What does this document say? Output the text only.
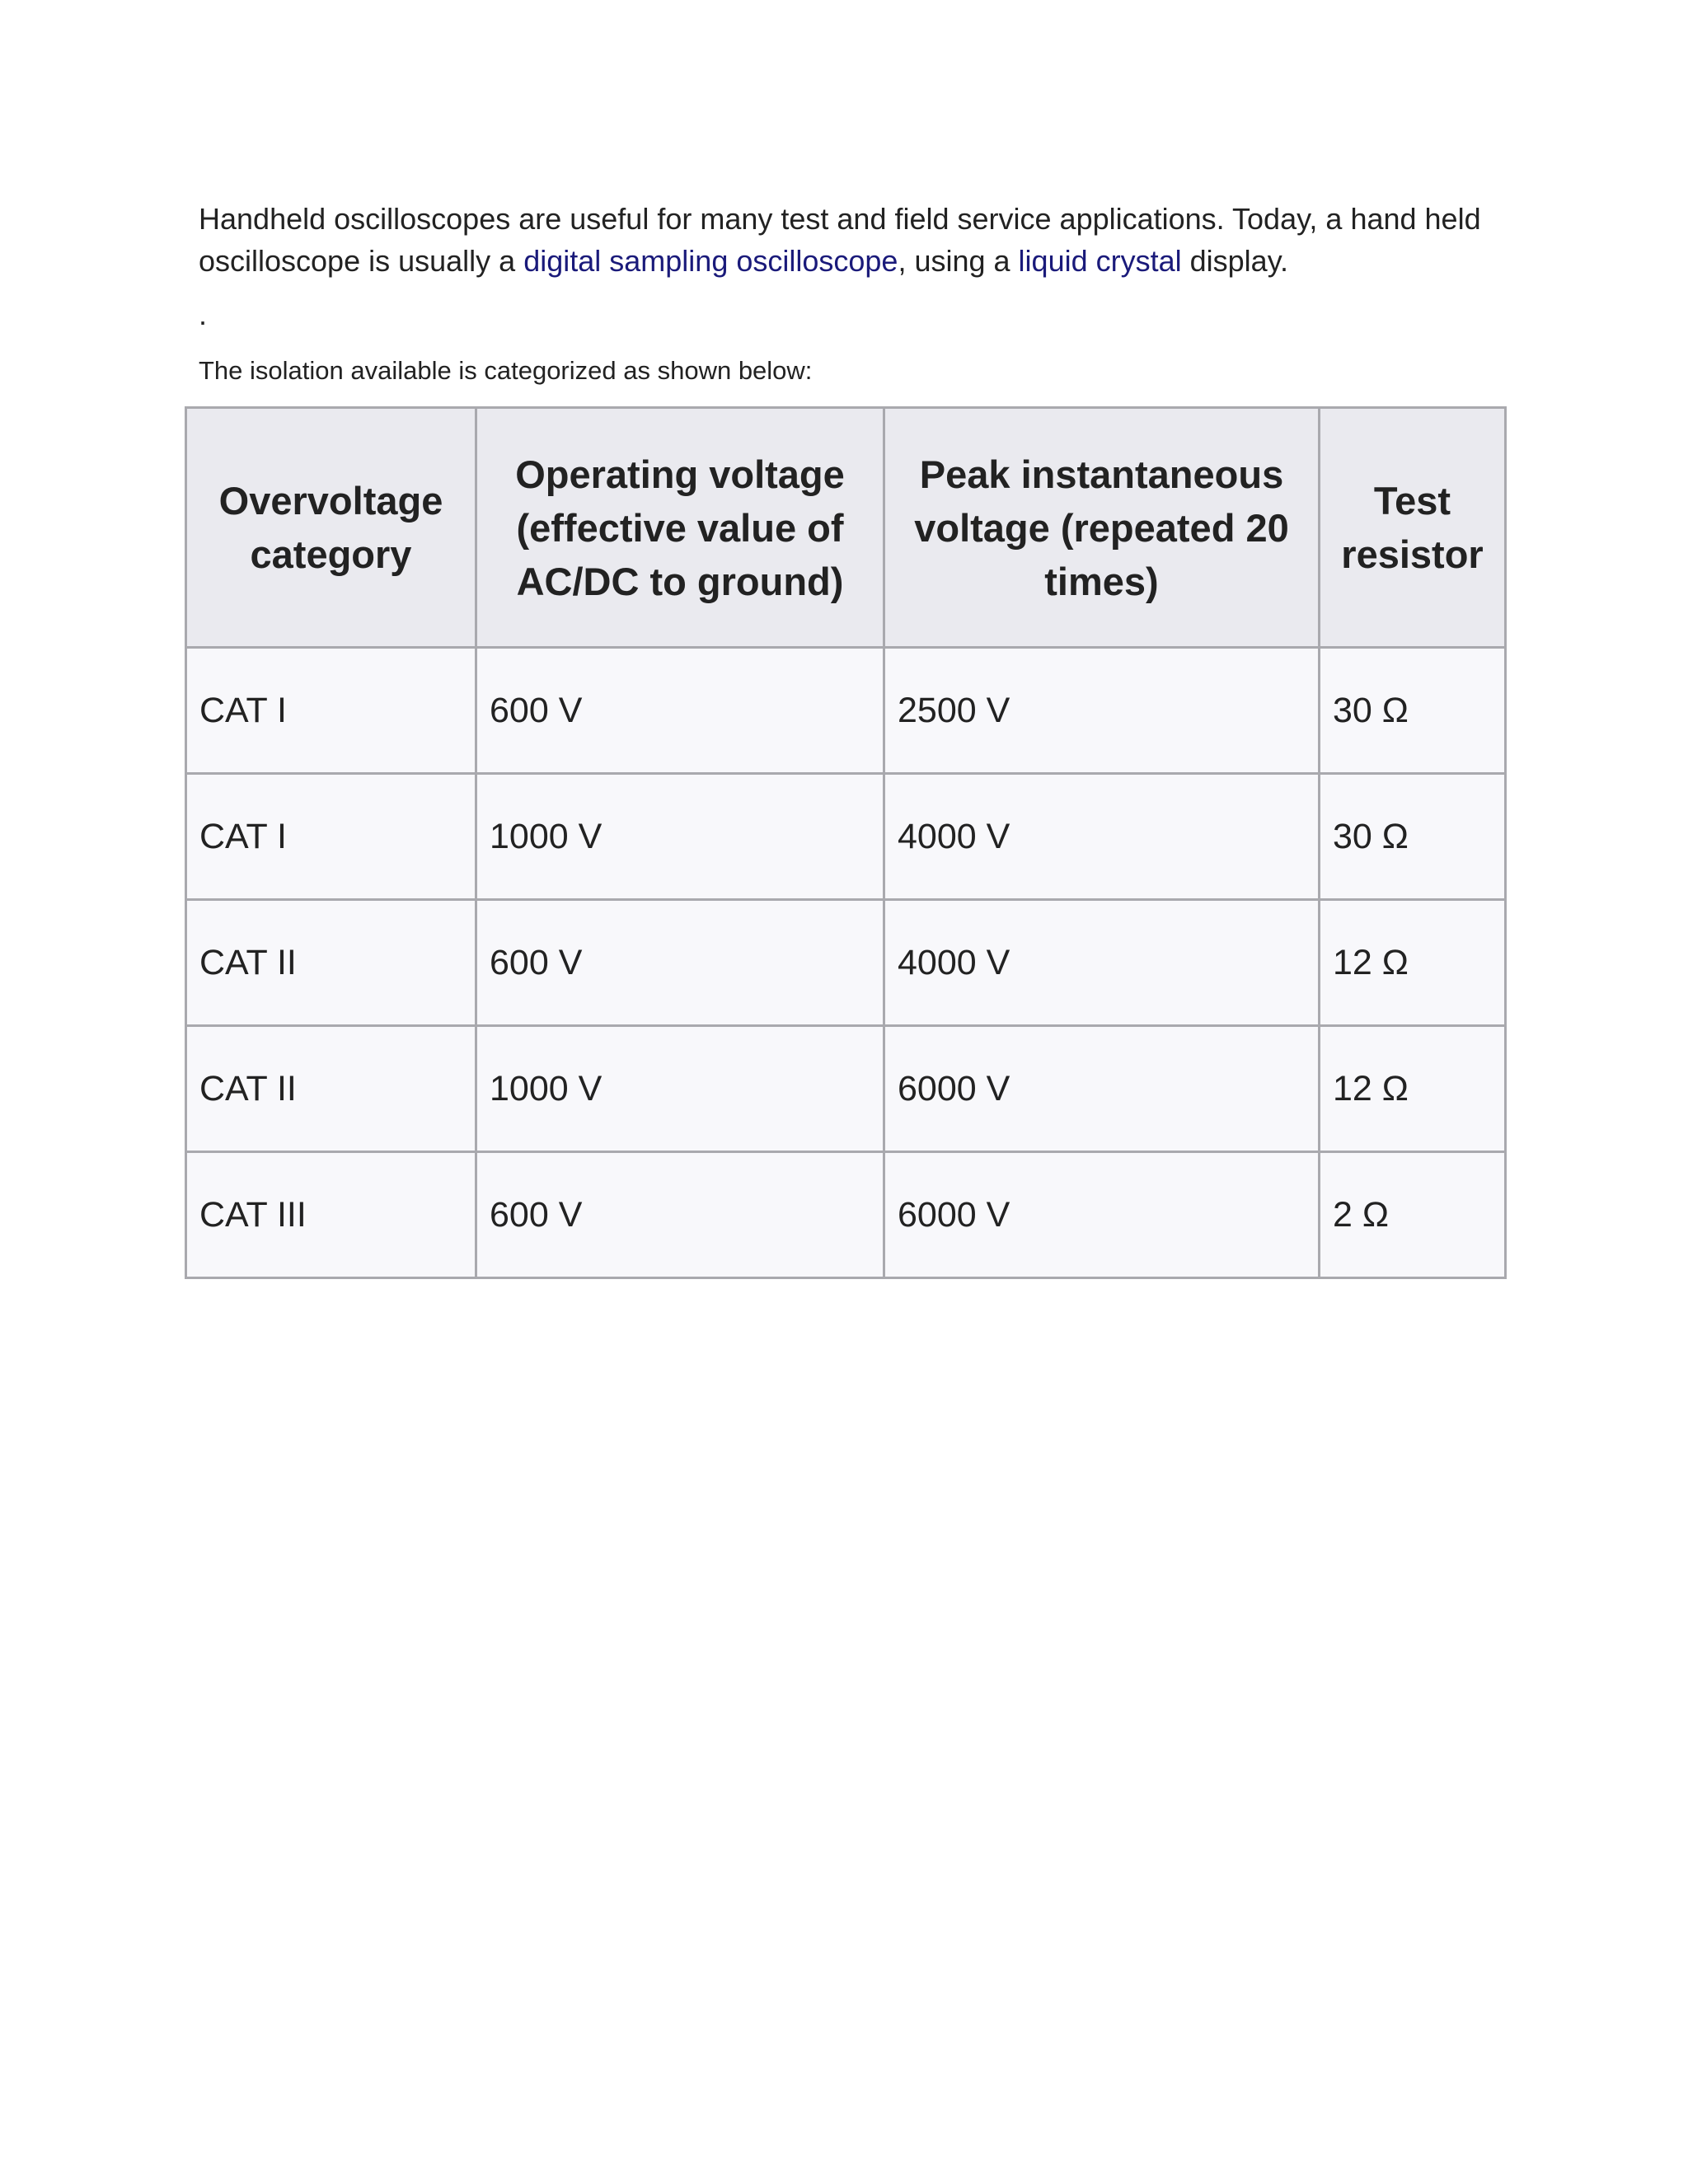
Handheld oscilloscopes are useful for many test and field service applications. Today, a hand held oscilloscope is usually a digital sampling oscilloscope, using a liquid crystal display.

.

The isolation available is categorized as shown below:

Overvoltage category	Operating voltage (effective value of AC/DC to ground)	Peak instantaneous voltage (repeated 20 times)	Test resistor
CAT I	600 V	2500 V	30 Ω
CAT I	1000 V	4000 V	30 Ω
CAT II	600 V	4000 V	12 Ω
CAT II	1000 V	6000 V	12 Ω
CAT III	600 V	6000 V	2 Ω
